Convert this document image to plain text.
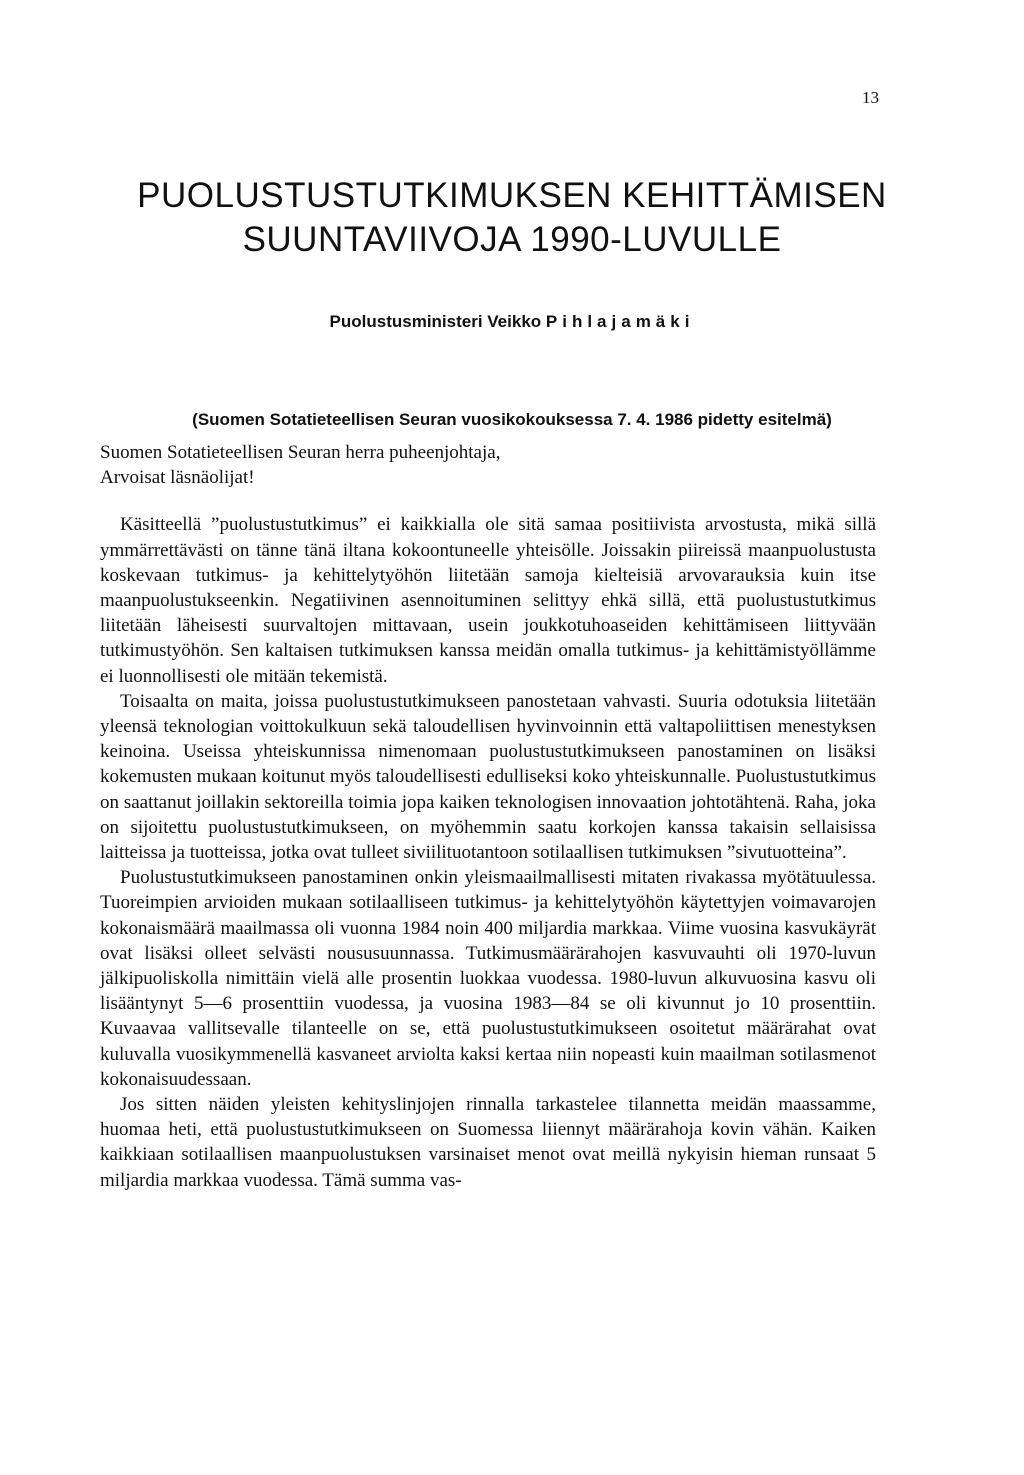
13
PUOLUSTUSTUTKIMUKSEN KEHITTÄMISEN
SUUNTAVIIVOJA 1990-LUVULLE
Puolustusministeri Veikko Pihlajamäki
(Suomen Sotatieteellisen Seuran vuosikokouksessa 7. 4. 1986 pidetty esitelmä)

Suomen Sotatieteellisen Seuran herra puheenjohtaja,
Arvoisat läsnäolijat!

Käsitteellä ”puolustustutkimus” ei kaikkialla ole sitä samaa positiivista arvostusta, mikä sillä ymmärrettävästi on tänne tänä iltana kokoontuneelle yhteisölle. Joissakin piireissä maanpuolustusta koskevaan tutkimus- ja kehittelytyöhön liitetään samoja kielteisiä arvovarauksia kuin itse maanpuolustukseenkin. Negatiivinen asennoituminen selittyy ehkä sillä, että puolustustutkimus liitetään läheisesti suurvaltojen mittavaan, usein joukkotuhoaseiden kehittämiseen liittyvään tutkimustyöhön. Sen kaltaisen tutkimuksen kanssa meidän omalla tutkimus- ja kehittämistyöllämme ei luonnollisesti ole mitään tekemistä.

Toisaalta on maita, joissa puolustustutkimukseen panostetaan vahvasti. Suuria odotuksia liitetään yleensä teknologian voittokulkuun sekä taloudellisen hyvinvoinnin että valtapoliittisen menestyksen keinoina. Useissa yhteiskunnissa nimenomaan puolustustutkimukseen panostaminen on lisäksi kokemusten mukaan koitunut myös taloudellisesti edulliseksi koko yhteiskunnalle. Puolustustutkimus on saattanut joillakin sektoreilla toimia jopa kaiken teknologisen innovaation johtotähtenä. Raha, joka on sijoitettu puolustustutkimukseen, on myöhemmin saatu korkojen kanssa takaisin sellaisissa laitteissa ja tuotteissa, jotka ovat tulleet siviilituotantoon sotilaallisen tutkimuksen ”sivutuotteina”.

Puolustustutkimukseen panostaminen onkin yleismaailmallisesti mitaten rivakassa myötätuulessa. Tuoreimpien arvioiden mukaan sotilaalliseen tutkimus- ja kehittelytyöhön käytettyjen voimavarojen kokonaismäärä maailmassa oli vuonna 1984 noin 400 miljardia markkaa. Viime vuosina kasvukäyrät ovat lisäksi olleet selvästi noususuunnassa. Tutkimusmäärärahojen kasvuvauhti oli 1970-luvun jälkipuoliskolla nimittäin vielä alle prosentin luokkaa vuodessa. 1980-luvun alkuvuosina kasvu oli lisääntynyt 5—6 prosenttiin vuodessa, ja vuosina 1983—84 se oli kivunnut jo 10 prosenttiin. Kuvaavaa vallitsevalle tilanteelle on se, että puolustustutkimukseen osoitetut määrärahat ovat kuluvalla vuosikymmenellä kasvaneet arviolta kaksi kertaa niin nopeasti kuin maailman sotilasmenot kokonaisuudessaan.

Jos sitten näiden yleisten kehityslinjojen rinnalla tarkastelee tilannetta meidän maassamme, huomaa heti, että puolustustutkimukseen on Suomessa liiennyt määrärahoja kovin vähän. Kaiken kaikkiaan sotilaallisen maanpuolustuksen varsinaiset menot ovat meillä nykyisin hieman runsaat 5 miljardia markkaa vuodessa. Tämä summa vas-
